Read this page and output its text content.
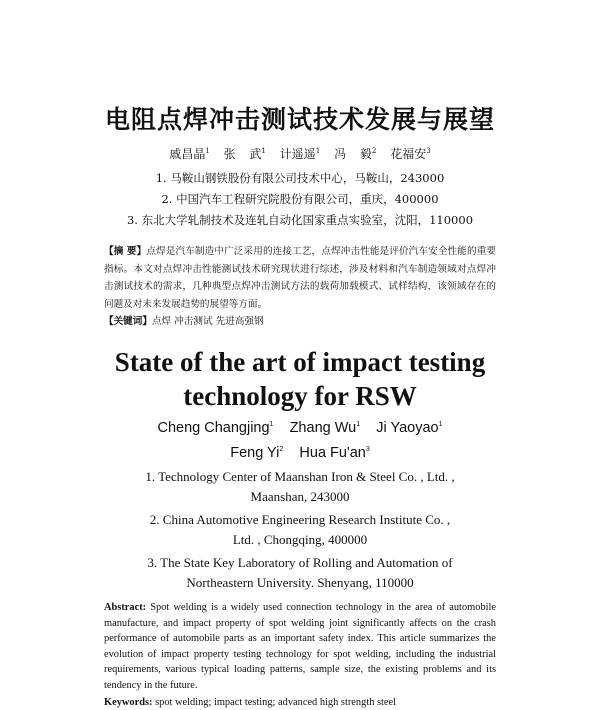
电阻点焊冲击测试技术发展与展望
戚昌晶$^1$ 张 武$^1$ 计遥遥$^1$ 冯 毅$^2$ 花福安$^3$
1. 马鞍山钢铁股份有限公司技术中心，马鞍山，243000
2. 中国汽车工程研究院股份有限公司，重庆，400000
3. 东北大学轧制技术及连轧自动化国家重点实验室，沈阳，110000
【摘 要】点焊是汽车制造中广泛采用的连接工艺，点焊冲击性能是评价汽车安全性能的重要指标。本文对点焊冲击性能测试技术研究现状进行综述，涉及材料和汽车制造领域对点焊冲击测试技术的需求，几种典型点焊冲击测试方法的载荷加载模式、试样结构，该领域存在的问题及对未来发展趋势的展望等方面。
【关键词】点焊 冲击测试 先进高强钢
State of the art of impact testing
technology for RSW
Cheng Changjing$^1$ Zhang Wu$^1$ Ji Yaoyao$^1$
Feng Yi$^2$ Hua $Fu'an^3$
1. Technology Center of Maanshan Iron & Steel Co. , Ltd. ,
Maanshan, 243000
2. China Automotive Engineering Research Institute Co. ,
Ltd. , Chongqing, 400000
3. The State Key Laboratory of Rolling and Automation of
Northeastern University. Shenyang, 110000
Abstract: Spot welding is a widely used connection technology in the area of automobile manufacture, and impact property of spot welding joint significantly affects on the crash performance of automobile parts as an important safety index. This article summarizes the evolution of impact property testing technology for spot welding, including the industrial requirements, various typical loading patterns, sample size, the existing problems and its tendency in the future.
Keywords: spot welding; impact testing; advanced high strength steel
